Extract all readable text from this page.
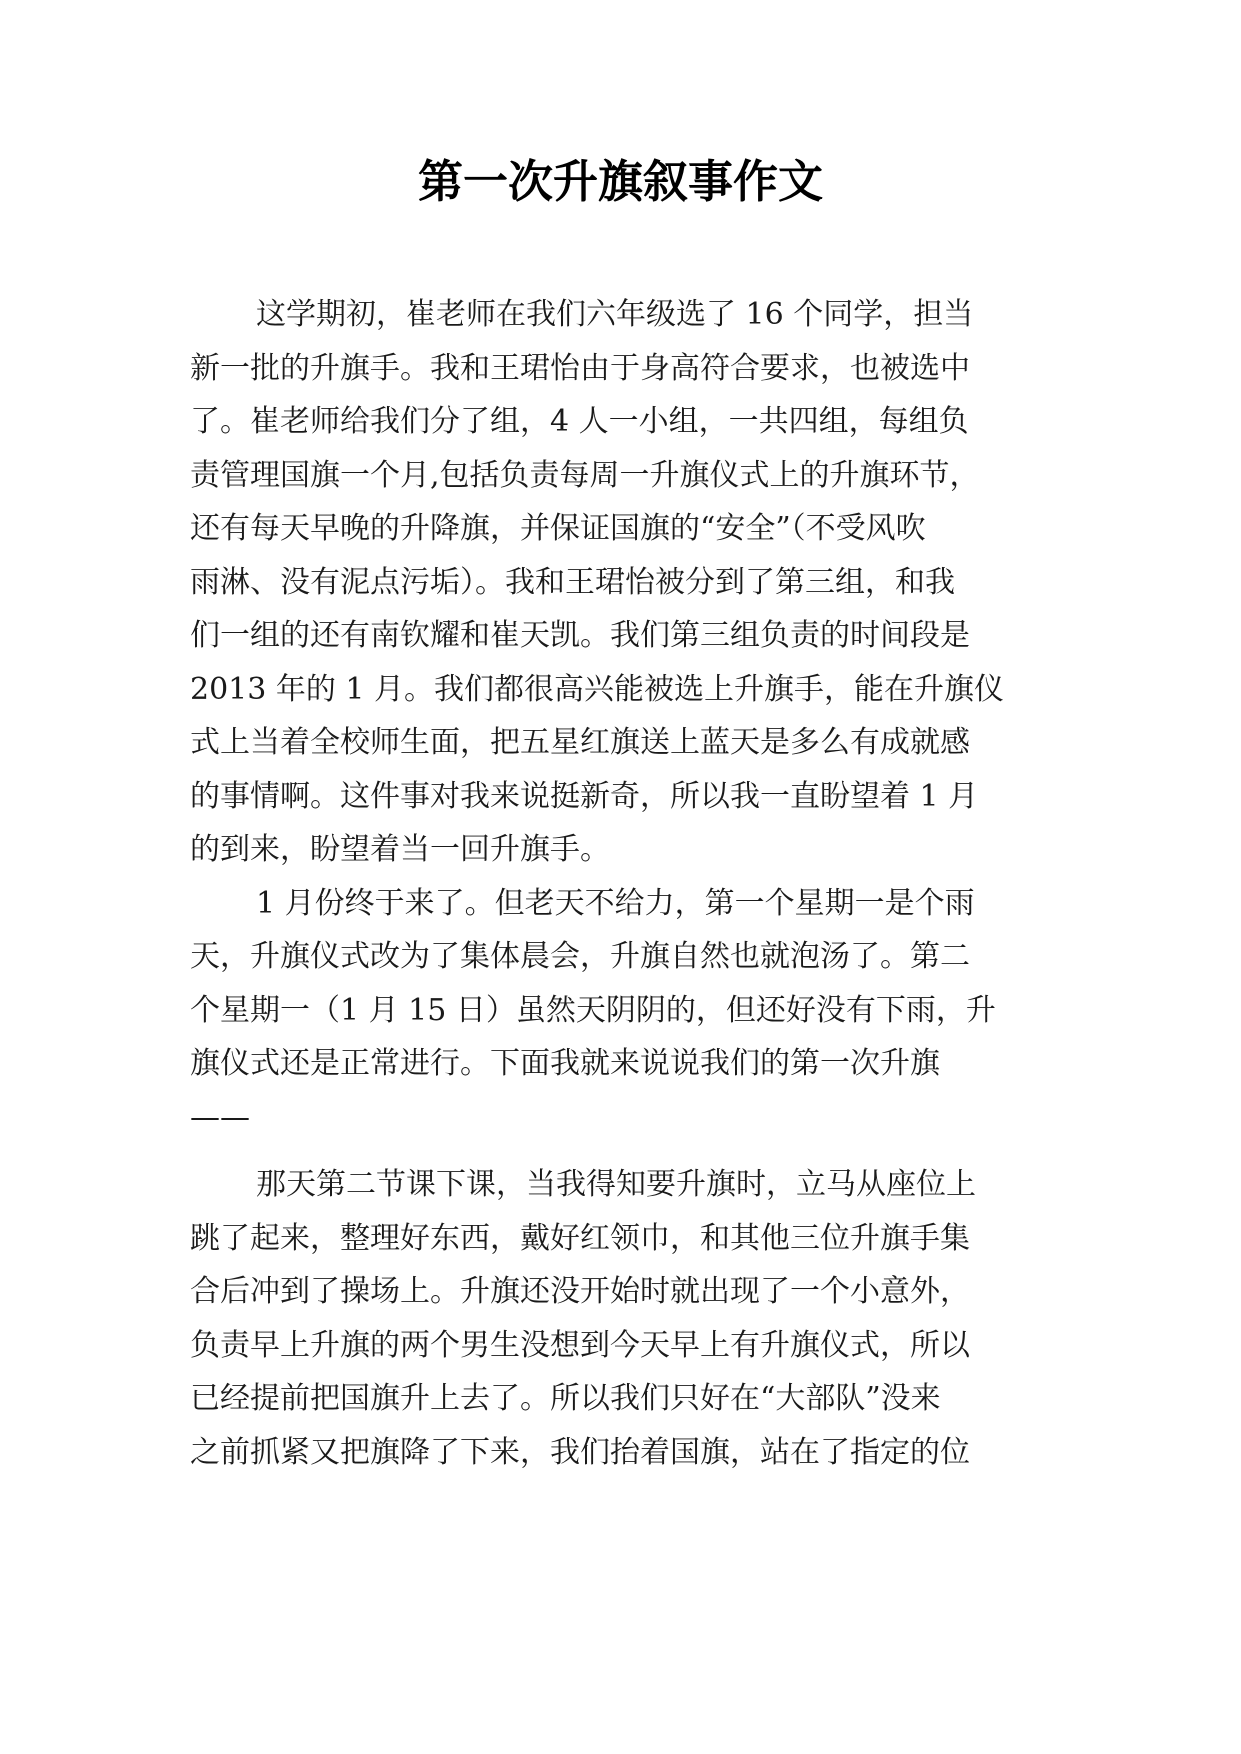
第一次升旗叙事作文
这学期初，崔老师在我们六年级选了 16 个同学，担当
新一批的升旗手。我和王珺怡由于身高符合要求，也被选中
了。崔老师给我们分了组，4 人一小组，一共四组，每组负
责管理国旗一个月,包括负责每周一升旗仪式上的升旗环节，
还有每天早晚的升降旗，并保证国旗的“安全”（不受风吹
雨淋、没有泥点污垢）。我和王珺怡被分到了第三组，和我
们一组的还有南钦耀和崔天凯。我们第三组负责的时间段是
2013 年的 1 月。我们都很高兴能被选上升旗手，能在升旗仪
式上当着全校师生面，把五星红旗送上蓝天是多么有成就感
的事情啊。这件事对我来说挺新奇，所以我一直盼望着 1 月
的到来，盼望着当一回升旗手。
1 月份终于来了。但老天不给力，第一个星期一是个雨
天，升旗仪式改为了集体晨会，升旗自然也就泡汤了。第二
个星期一（1 月 15 日）虽然天阴阴的，但还好没有下雨，升
旗仪式还是正常进行。下面我就来说说我们的第一次升旗
——
那天第二节课下课，当我得知要升旗时，立马从座位上
跳了起来，整理好东西，戴好红领巾，和其他三位升旗手集
合后冲到了操场上。升旗还没开始时就出现了一个小意外，
负责早上升旗的两个男生没想到今天早上有升旗仪式，所以
已经提前把国旗升上去了。所以我们只好在“大部队”没来
之前抓紧又把旗降了下来，我们抬着国旗，站在了指定的位
